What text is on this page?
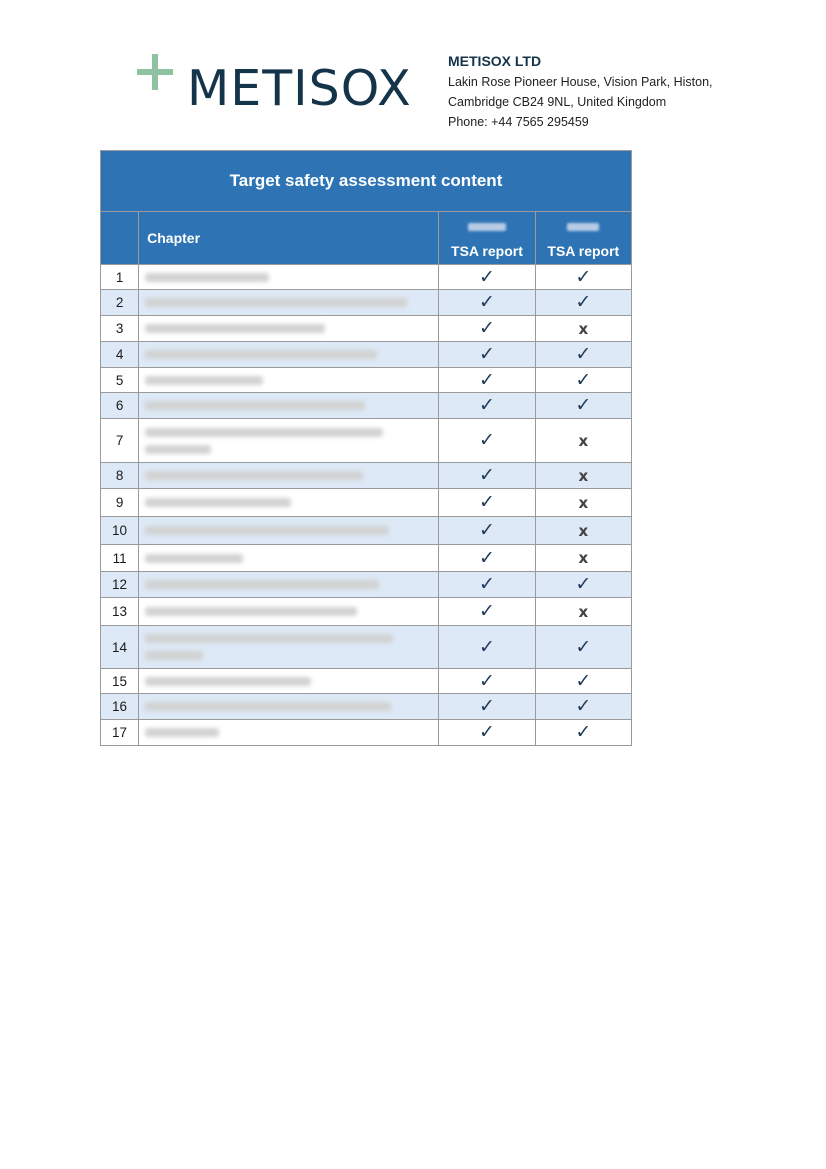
METISOX	METISOX LTD
Lakin Rose Pioneer House, Vision Park, Histon,
Cambridge CB24 9NL, United Kingdom
Phone: +44 7565 295459
Target safety assessment content			
	Chapter	TSA report	TSA report
1		✓	✓
2		✓	✓
3		✓	x
4		✓	✓
5		✓	✓
6		✓	✓
7		✓	x
8		✓	x
9		✓	x
10		✓	x
11		✓	x
12		✓	✓
13		✓	x
14		✓	✓
15		✓	✓
16		✓	✓
17		✓	✓
